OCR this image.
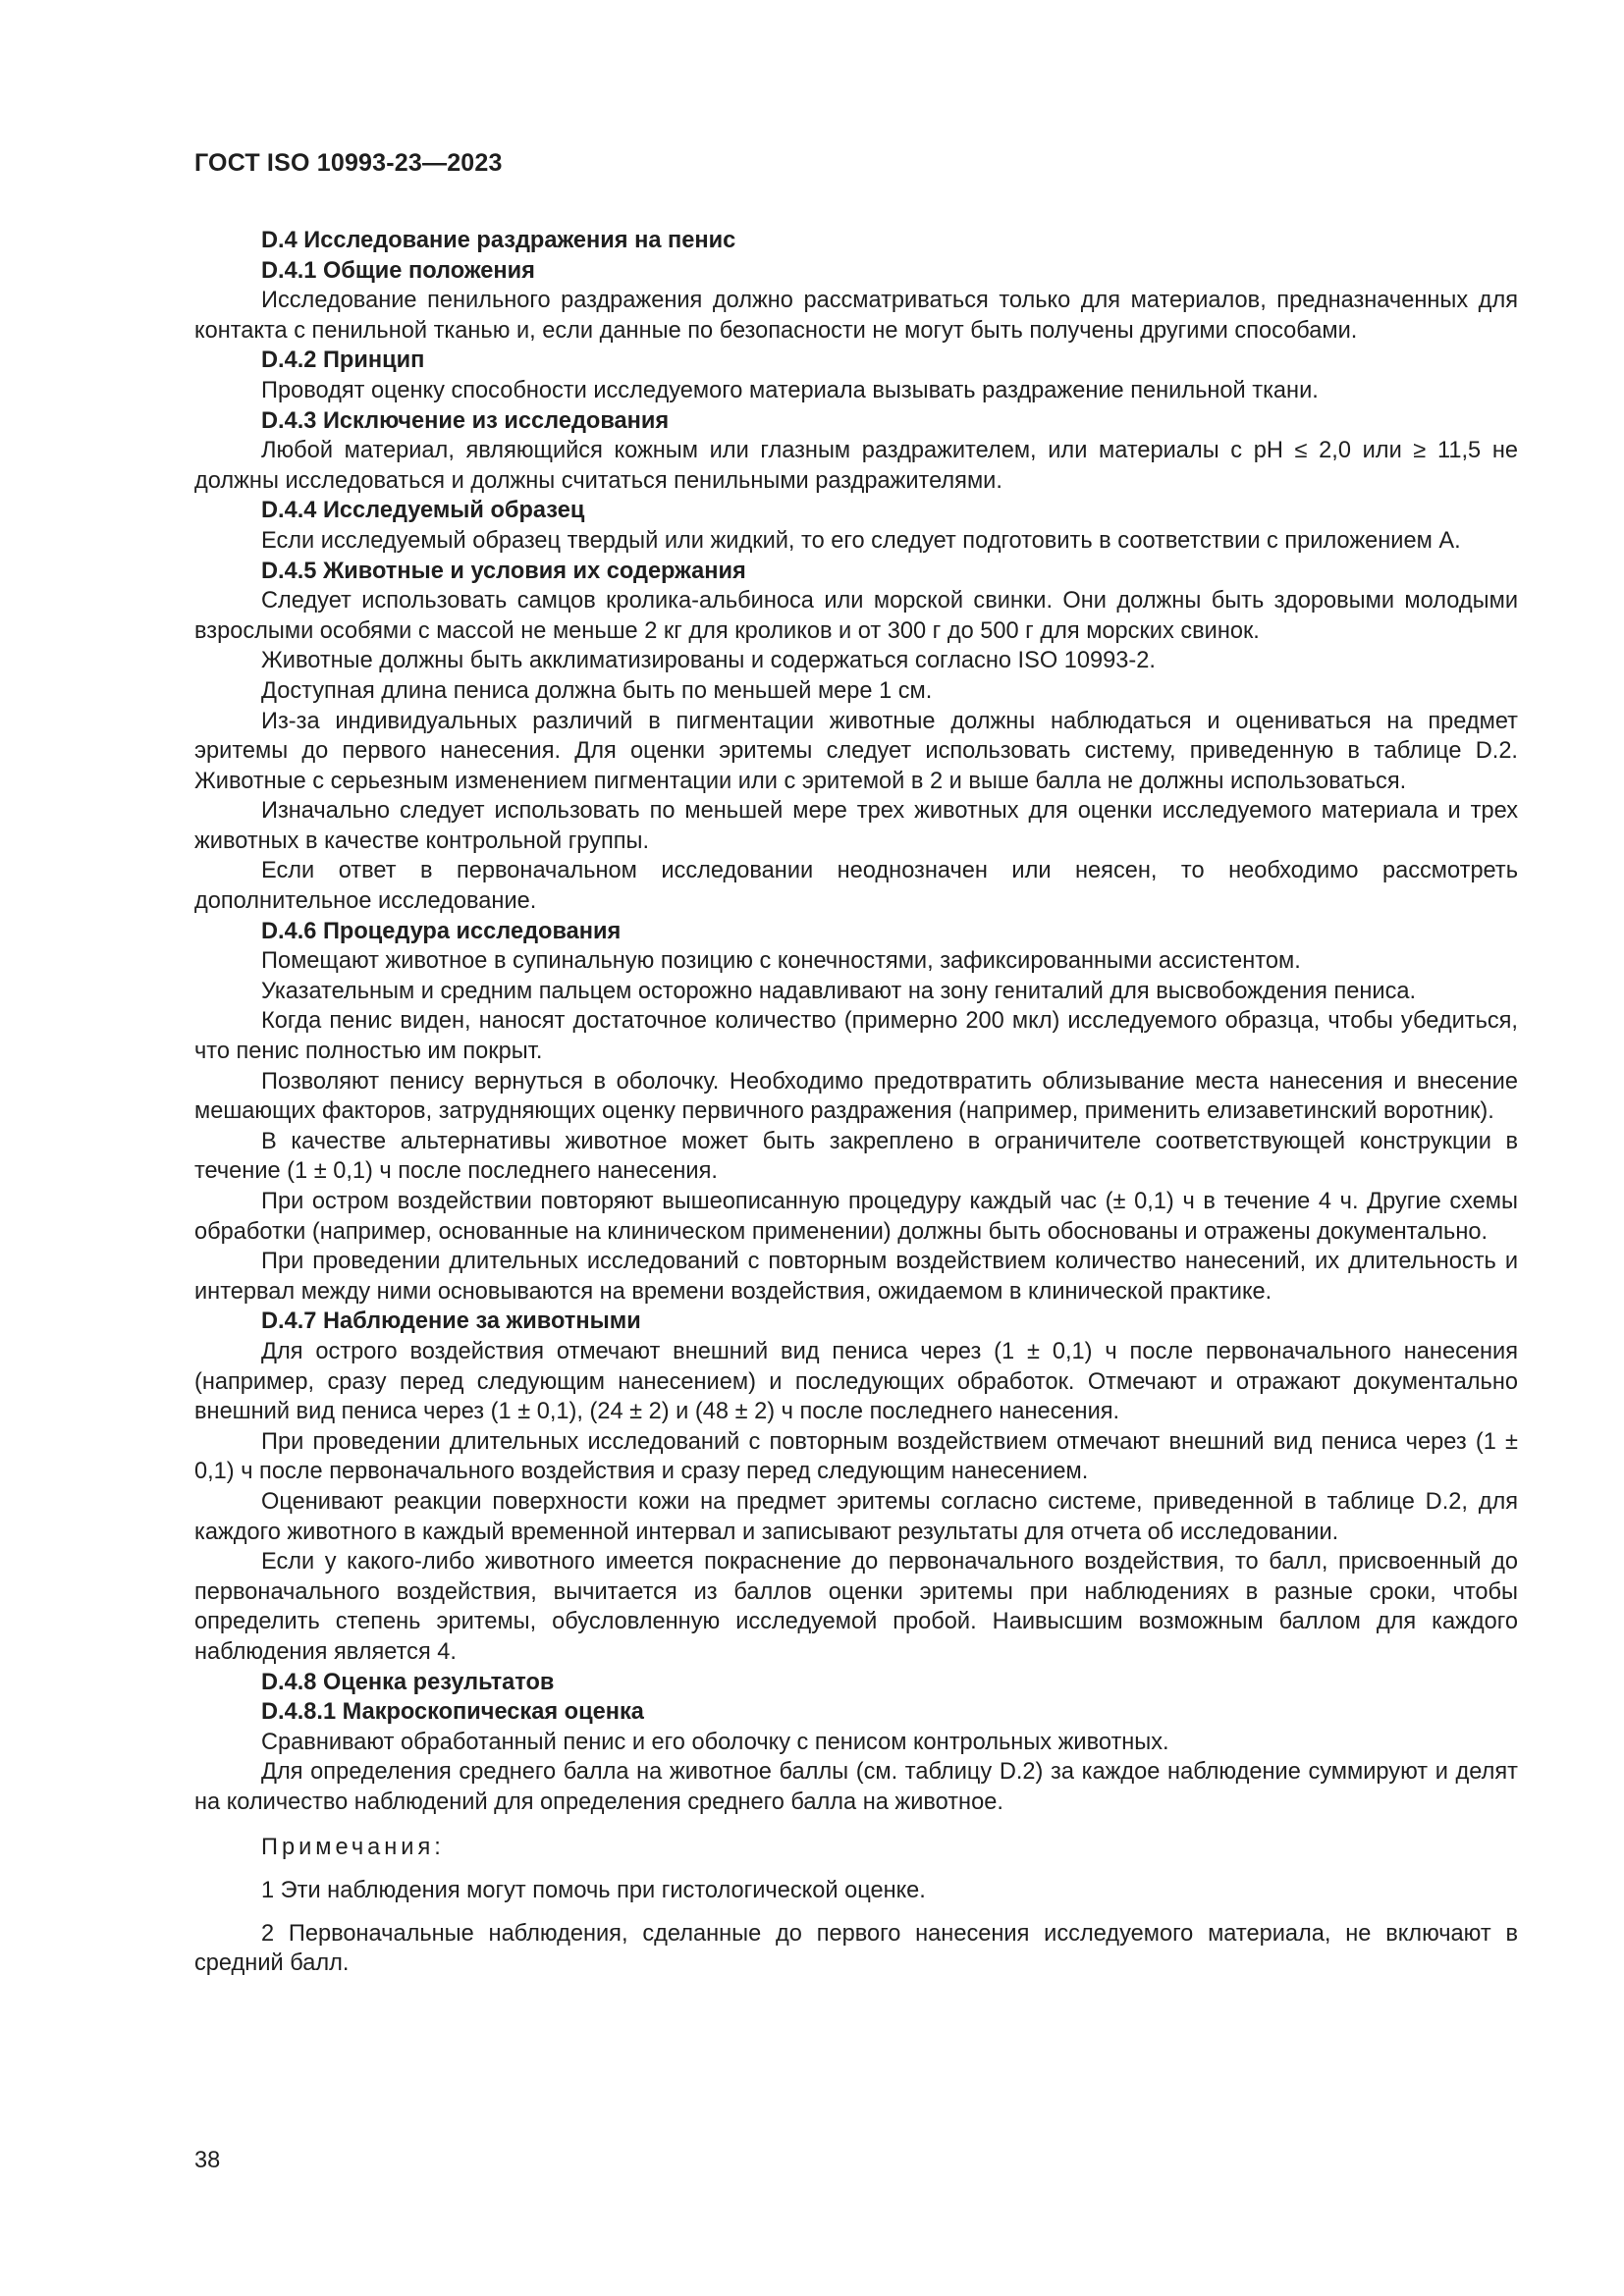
ГОСТ ISO 10993-23—2023
D.4 Исследование раздражения на пенис
D.4.1 Общие положения

Исследование пенильного раздражения должно рассматриваться только для материалов, предназначенных для контакта с пенильной тканью и, если данные по безопасности не могут быть получены другими способами.

D.4.2 Принцип

Проводят оценку способности исследуемого материала вызывать раздражение пенильной ткани.

D.4.3 Исключение из исследования

Любой материал, являющийся кожным или глазным раздражителем, или материалы с pH ≤ 2,0 или ≥ 11,5 не должны исследоваться и должны считаться пенильными раздражителями.

D.4.4 Исследуемый образец

Если исследуемый образец твердый или жидкий, то его следует подготовить в соответствии с приложением А.

D.4.5 Животные и условия их содержания

Следует использовать самцов кролика-альбиноса или морской свинки. Они должны быть здоровыми молодыми взрослыми особями с массой не меньше 2 кг для кроликов и от 300 г до 500 г для морских свинок.

Животные должны быть акклиматизированы и содержаться согласно ISO 10993-2.

Доступная длина пениса должна быть по меньшей мере 1 см.

Из-за индивидуальных различий в пигментации животные должны наблюдаться и оцениваться на предмет эритемы до первого нанесения. Для оценки эритемы следует использовать систему, приведенную в таблице D.2. Животные с серьезным изменением пигментации или с эритемой в 2 и выше балла не должны использоваться.

Изначально следует использовать по меньшей мере трех животных для оценки исследуемого материала и трех животных в качестве контрольной группы.

Если ответ в первоначальном исследовании неоднозначен или неясен, то необходимо рассмотреть дополнительное исследование.

D.4.6 Процедура исследования

Помещают животное в супинальную позицию с конечностями, зафиксированными ассистентом.

Указательным и средним пальцем осторожно надавливают на зону гениталий для высвобождения пениса.

Когда пенис виден, наносят достаточное количество (примерно 200 мкл) исследуемого образца, чтобы убедиться, что пенис полностью им покрыт.

Позволяют пенису вернуться в оболочку. Необходимо предотвратить облизывание места нанесения и внесение мешающих факторов, затрудняющих оценку первичного раздражения (например, применить елизаветинский воротник).

В качестве альтернативы животное может быть закреплено в ограничителе соответствующей конструкции в течение (1 ± 0,1) ч после последнего нанесения.

При остром воздействии повторяют вышеописанную процедуру каждый час (± 0,1) ч в течение 4 ч. Другие схемы обработки (например, основанные на клиническом применении) должны быть обоснованы и отражены документально.

При проведении длительных исследований с повторным воздействием количество нанесений, их длительность и интервал между ними основываются на времени воздействия, ожидаемом в клинической практике.

D.4.7 Наблюдение за животными

Для острого воздействия отмечают внешний вид пениса через (1 ± 0,1) ч после первоначального нанесения (например, сразу перед следующим нанесением) и последующих обработок. Отмечают и отражают документально внешний вид пениса через (1 ± 0,1), (24 ± 2) и (48 ± 2) ч после последнего нанесения.

При проведении длительных исследований с повторным воздействием отмечают внешний вид пениса через (1 ± 0,1) ч после первоначального воздействия и сразу перед следующим нанесением.

Оценивают реакции поверхности кожи на предмет эритемы согласно системе, приведенной в таблице D.2, для каждого животного в каждый временной интервал и записывают результаты для отчета об исследовании.

Если у какого-либо животного имеется покраснение до первоначального воздействия, то балл, присвоенный до первоначального воздействия, вычитается из баллов оценки эритемы при наблюдениях в разные сроки, чтобы определить степень эритемы, обусловленную исследуемой пробой. Наивысшим возможным баллом для каждого наблюдения является 4.

D.4.8 Оценка результатов
D.4.8.1 Макроскопическая оценка

Сравнивают обработанный пенис и его оболочку с пенисом контрольных животных.

Для определения среднего балла на животное баллы (см. таблицу D.2) за каждое наблюдение суммируют и делят на количество наблюдений для определения среднего балла на животное.

Примечания:

1 Эти наблюдения могут помочь при гистологической оценке.

2 Первоначальные наблюдения, сделанные до первого нанесения исследуемого материала, не включают в средний балл.

38
